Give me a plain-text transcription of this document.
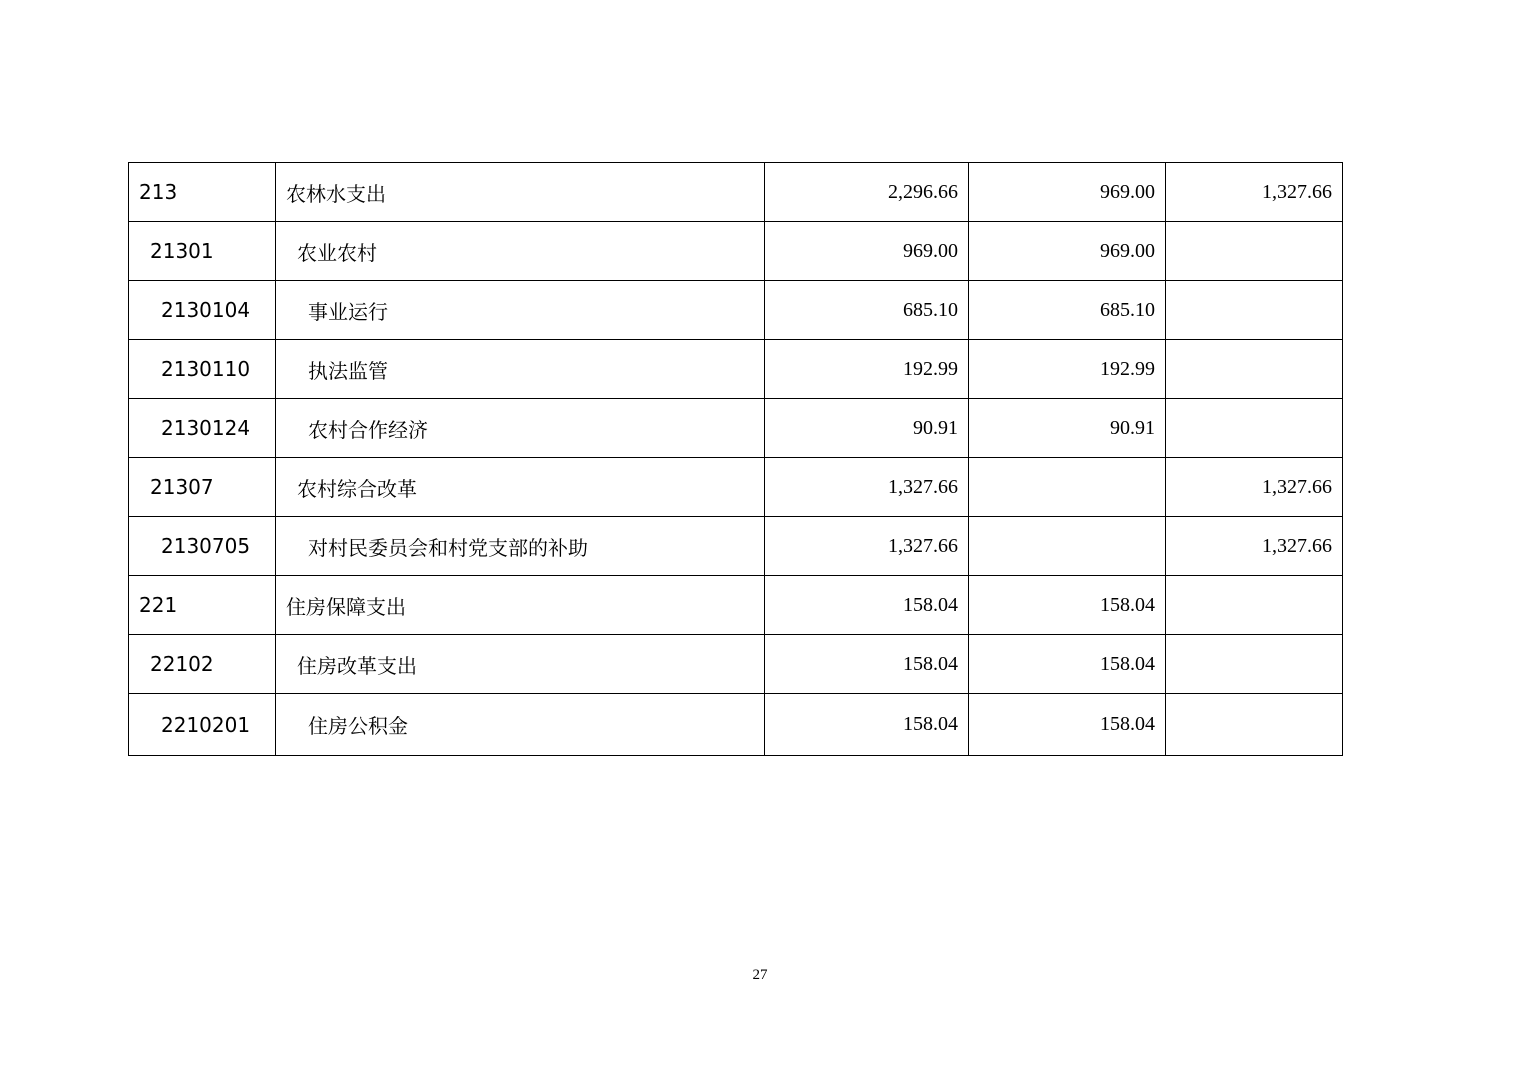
213	农林水支出	2,296.66	969.00	1,327.66
21301	农业农村	969.00	969.00	
2130104	事业运行	685.10	685.10	
2130110	执法监管	192.99	192.99	
2130124	农村合作经济	90.91	90.91	
21307	农村综合改革	1,327.66		1,327.66
2130705	对村民委员会和村党支部的补助	1,327.66		1,327.66
221	住房保障支出	158.04	158.04	
22102	住房改革支出	158.04	158.04	
2210201	住房公积金	158.04	158.04	
27
